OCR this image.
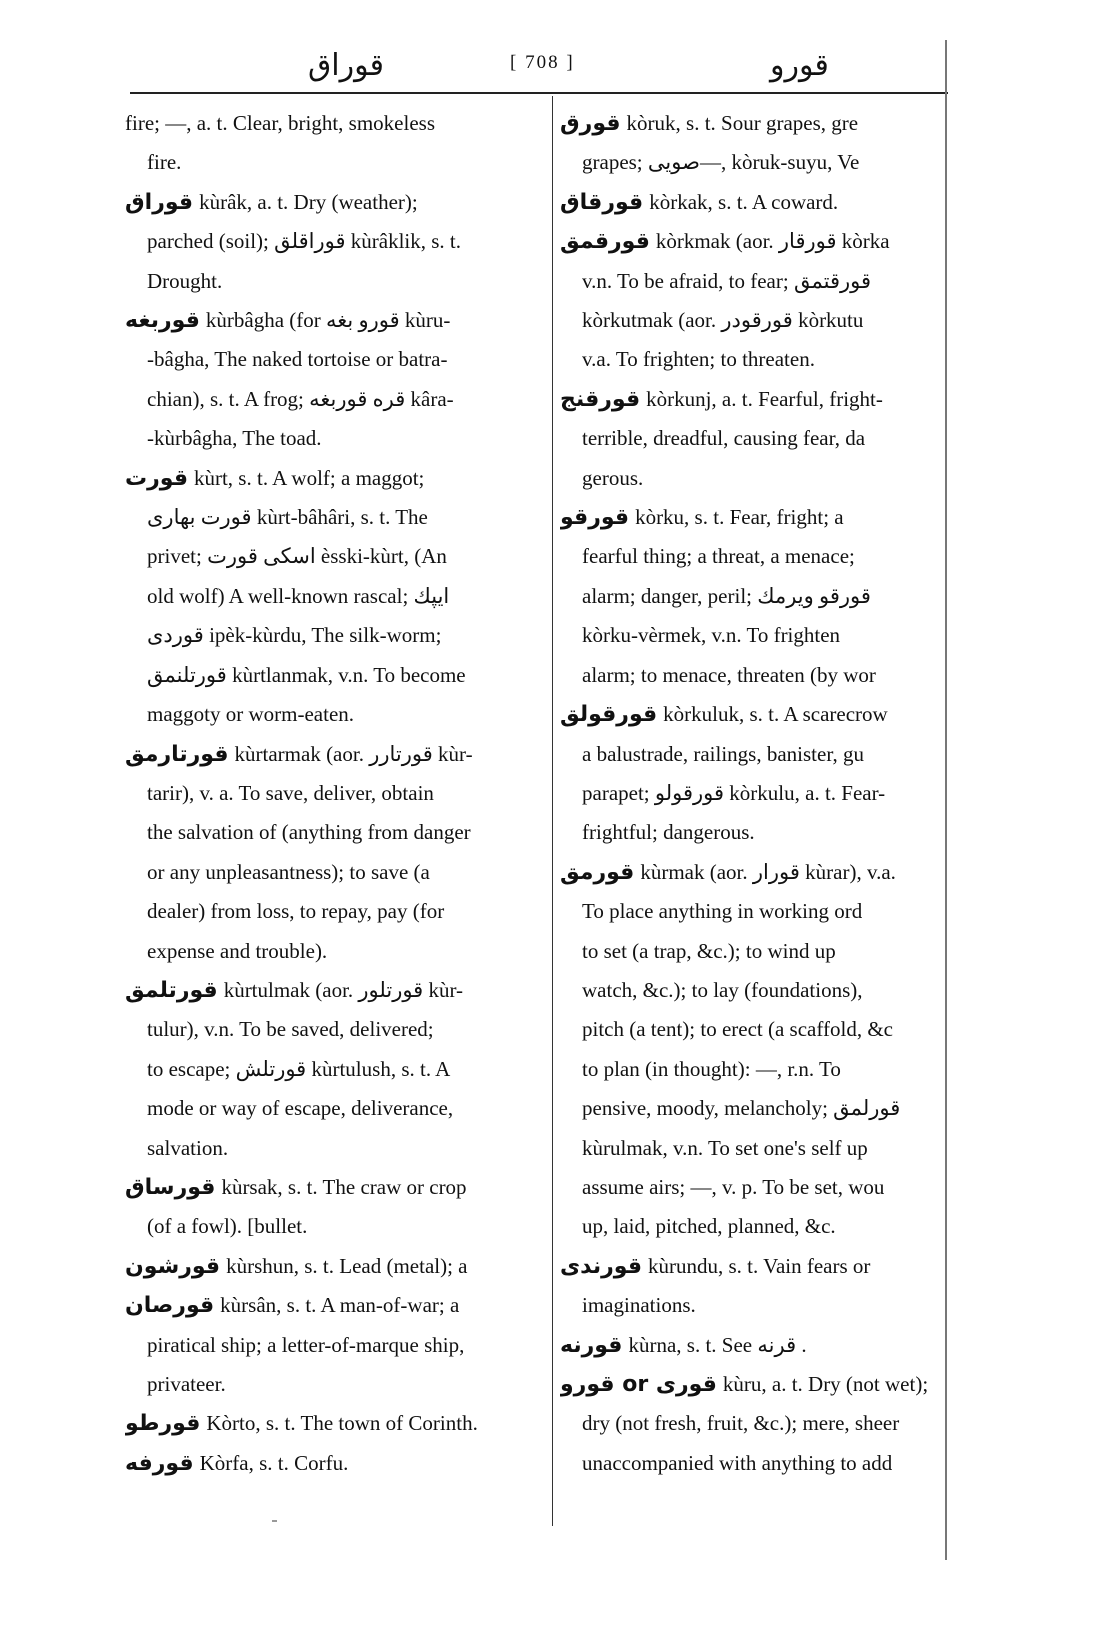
قوراق	[ 708 ]	قورو
fire; —, a. t. Clear, bright, smokeless
fire.
قوراق kùrâk, a. t. Dry (weather);
parched (soil); قوراقلق kùrâklik, s. t.
Drought.
قوربغه kùrbâgha (for قورو بغه kùru-
-bâgha, The naked tortoise or batra-
chian), s. t. A frog; قره قوربغه kâra-
-kùrbâgha, The toad.
قورت kùrt, s. t. A wolf; a maggot;
قورت بهاری kùrt-bâhâri, s. t. The
privet; اسكی قورت èsski-kùrt, (An
old wolf) A well-known rascal; ایپك
قوردی ipèk-kùrdu, The silk-worm;
قورتلنمق kùrtlanmak, v.n. To become
maggoty or worm-eaten.
قورتارمق kùrtarmak (aor. قورتارر kùr-
tarir), v. a. To save, deliver, obtain
the salvation of (anything from danger
or any unpleasantness); to save (a
dealer) from loss, to repay, pay (for
expense and trouble).
قورتلمق kùrtulmak (aor. قورتلور kùr-
tulur), v.n. To be saved, delivered;
to escape; قورتلش kùrtulush, s. t. A
mode or way of escape, deliverance,
salvation.
قورساق kùrsak, s. t. The craw or crop
(of a fowl). [bullet.
قورشون kùrshun, s. t. Lead (metal); a
قورصان kùrsân, s. t. A man-of-war; a
piratical ship; a letter-of-marque ship,
privateer.
قورطو Kòrto, s. t. The town of Corinth.
قورفه Kòrfa, s. t. Corfu.
قورق kòruk, s. t. Sour grapes, gre
grapes; صویی—, kòruk-suyu, Ve
قورقاق kòrkak, s. t. A coward.
قورقمق kòrkmak (aor. قورقار kòrka
v.n. To be afraid, to fear; قورقتمق
kòrkutmak (aor. قورقودر kòrkutu
v.a. To frighten; to threaten.
قورقنج kòrkunj, a. t. Fearful, fright-
terrible, dreadful, causing fear, da
gerous.
قورقو kòrku, s. t. Fear, fright; a
fearful thing; a threat, a menace;
alarm; danger, peril; قورقو ویرمك
kòrku-vèrmek, v.n. To frighten
alarm; to menace, threaten (by wor
قورقولق kòrkuluk, s. t. A scarecrow
a balustrade, railings, banister, gu
parapet; قورقولو kòrkulu, a. t. Fear-
frightful; dangerous.
قورمق kùrmak (aor. قورار kùrar), v.a.
To place anything in working ord
to set (a trap, &c.); to wind up
watch, &c.); to lay (foundations),
pitch (a tent); to erect (a scaffold, &c
to plan (in thought): —, r.n. To
pensive, moody, melancholy; قورلمق
kùrulmak, v.n. To set one's self up
assume airs; —, v. p. To be set, wou
up, laid, pitched, planned, &c.
قورندی kùrundu, s. t. Vain fears or
imaginations.
قورنه kùrna, s. t. See قرنه .
قورو or قوری kùru, a. t. Dry (not wet);
dry (not fresh, fruit, &c.); mere, sheer
unaccompanied with anything to add
